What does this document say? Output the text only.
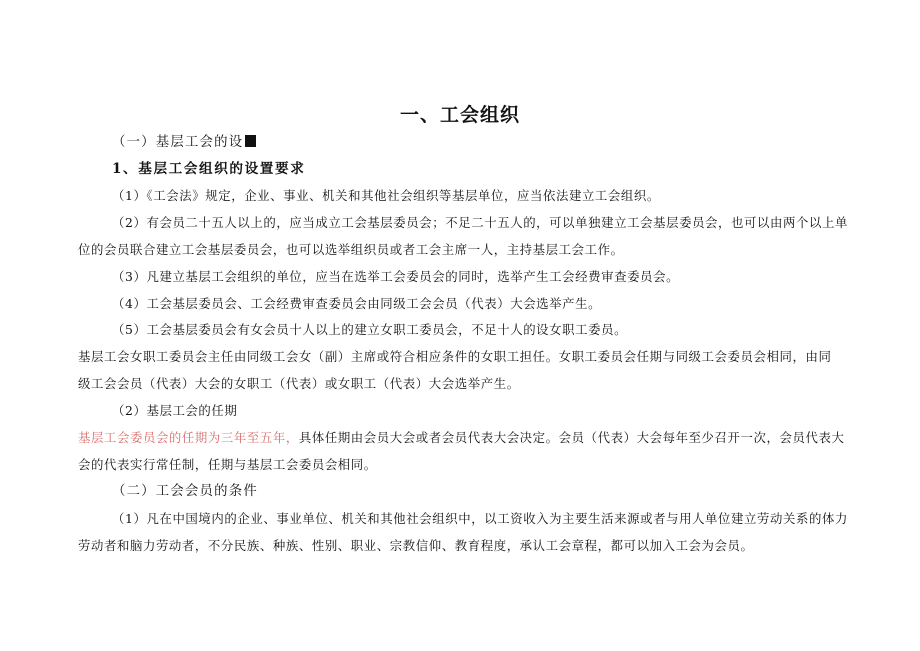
一、工会组织
（一）基层工会的设
1、基层工会组织的设置要求
（1）《工会法》规定，企业、事业、机关和其他社会组织等基层单位，应当依法建立工会组织。
（2）有会员二十五人以上的，应当成立工会基层委员会；不足二十五人的，可以单独建立工会基层委员会，也可以由两个以上单
位的会员联合建立工会基层委员会，也可以选举组织员或者工会主席一人，主持基层工会工作。
（3）凡建立基层工会组织的单位，应当在选举工会委员会的同时，选举产生工会经费审查委员会。
（4）工会基层委员会、工会经费审查委员会由同级工会会员（代表）大会选举产生。
（5）工会基层委员会有女会员十人以上的建立女职工委员会，不足十人的设女职工委员。
基层工会女职工委员会主任由同级工会女（副）主席或符合相应条件的女职工担任。女职工委员会任期与同级工会委员会相同，由同
级工会会员（代表）大会的女职工（代表）或女职工（代表）大会选举产生。
（2）基层工会的任期
基层工会委员会的任期为三年至五年，具体任期由会员大会或者会员代表大会决定。会员（代表）大会每年至少召开一次，会员代表大
会的代表实行常任制，任期与基层工会委员会相同。
（二）工会会员的条件
（1）凡在中国境内的企业、事业单位、机关和其他社会组织中，以工资收入为主要生活来源或者与用人单位建立劳动关系的体力
劳动者和脑力劳动者，不分民族、种族、性别、职业、宗教信仰、教育程度，承认工会章程，都可以加入工会为会员。
